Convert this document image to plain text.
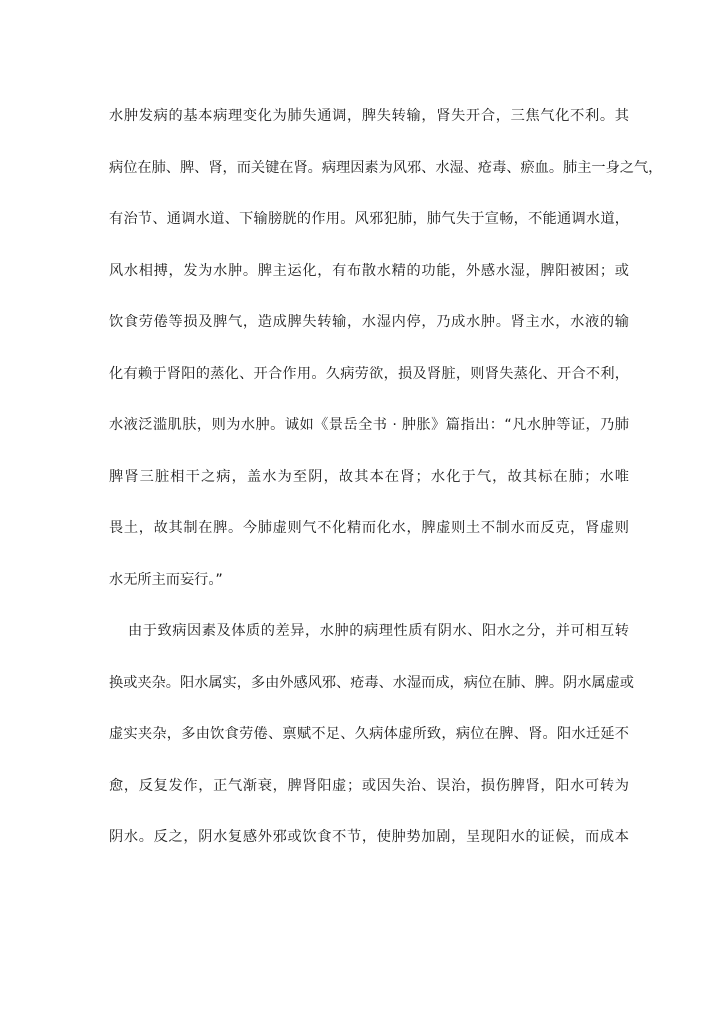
水肿发病的基本病理变化为肺失通调，脾失转输，肾失开合，三焦气化不利。其
病位在肺、脾、肾，而关键在肾。病理因素为风邪、水湿、疮毒、瘀血。肺主一身之气，
有治节、通调水道、下输膀胱的作用。风邪犯肺，肺气失于宣畅，不能通调水道，
风水相搏，发为水肿。脾主运化，有布散水精的功能，外感水湿，脾阳被困；或
饮食劳倦等损及脾气，造成脾失转输，水湿内停，乃成水肿。肾主水，水液的输
化有赖于肾阳的蒸化、开合作用。久病劳欲，损及肾脏，则肾失蒸化、开合不利，
水液泛滥肌肤，则为水肿。诚如《景岳全书 · 肿胀》篇指出：“凡水肿等证，乃肺
脾肾三脏相干之病，盖水为至阴，故其本在肾；水化于气，故其标在肺；水唯
畏土，故其制在脾。今肺虚则气不化精而化水，脾虚则土不制水而反克，肾虚则
水无所主而妄行。”
由于致病因素及体质的差异，水肿的病理性质有阴水、阳水之分，并可相互转
换或夹杂。阳水属实，多由外感风邪、疮毒、水湿而成，病位在肺、脾。阴水属虚或
虚实夹杂，多由饮食劳倦、禀赋不足、久病体虚所致，病位在脾、肾。阳水迁延不
愈，反复发作，正气渐衰，脾肾阳虚；或因失治、误治，损伤脾肾，阳水可转为
阴水。反之，阴水复感外邪或饮食不节，使肿势加剧，呈现阳水的证候，而成本
